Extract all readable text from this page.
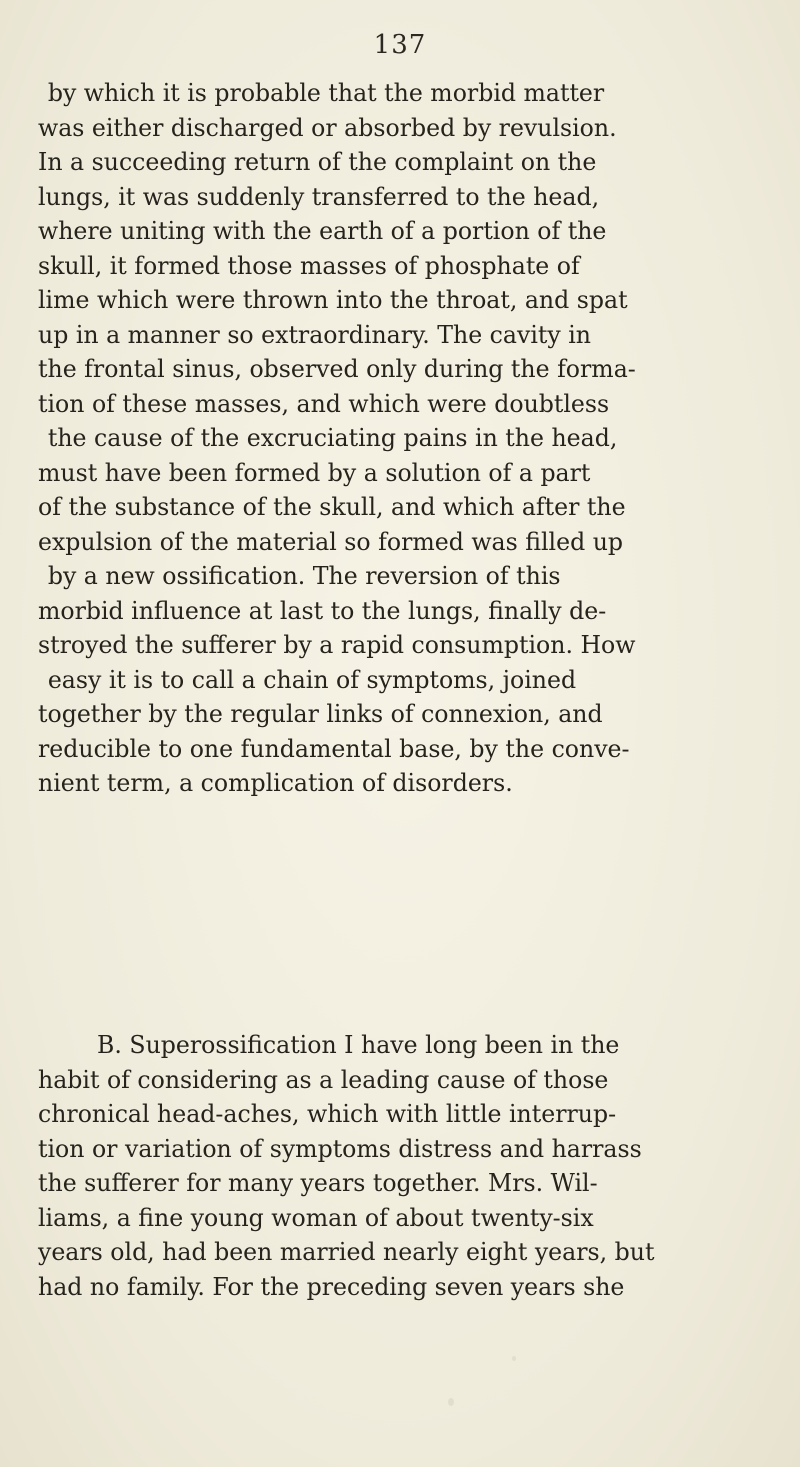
137
by which it is probable that the morbid matter
was either discharged or absorbed by revulsion.
In a succeeding return of the complaint on the
lungs, it was suddenly transferred to the head,
where uniting with the earth of a portion of the
skull, it formed those masses of phosphate of
lime which were thrown into the throat, and spat
up in a manner so extraordinary. The cavity in
the frontal sinus, observed only during the forma-
tion of these masses, and which were doubtless
the cause of the excruciating pains in the head,
must have been formed by a solution of a part
of the substance of the skull, and which after the
expulsion of the material so formed was filled up
by a new ossification. The reversion of this
morbid influence at last to the lungs, finally de-
stroyed the sufferer by a rapid consumption. How
easy it is to call a chain of symptoms, joined
together by the regular links of connexion, and
reducible to one fundamental base, by the conve-
nient term, a complication of disorders.
B. Superossification I have long been in the
habit of considering as a leading cause of those
chronical head-aches, which with little interrup-
tion or variation of symptoms distress and harrass
the sufferer for many years together. Mrs. Wil-
liams, a fine young woman of about twenty-six
years old, had been married nearly eight years, but
had no family. For the preceding seven years she
